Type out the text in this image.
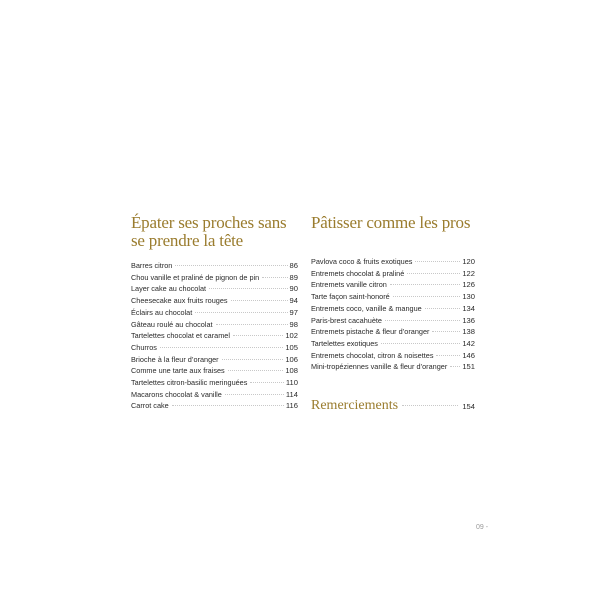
Épater ses proches sans
se prendre la tête
Barres citron	86
Chou vanille et praliné de pignon de pin	89
Layer cake au chocolat	90
Cheesecake aux fruits rouges	94
Éclairs au chocolat	97
Gâteau roulé au chocolat	98
Tartelettes chocolat et caramel	102
Churros	105
Brioche à la fleur d’oranger	106
Comme une tarte aux fraises	108
Tartelettes citron-basilic meringuées	110
Macarons chocolat & vanille	114
Carrot cake	116
Pâtisser comme les pros
Pavlova coco & fruits exotiques	120
Entremets chocolat & praliné	122
Entremets vanille citron	126
Tarte façon saint-honoré	130
Entremets coco, vanille & mangue	134
Paris-brest cacahuète	136
Entremets pistache & fleur d’oranger	138
Tartelettes exotiques	142
Entremets chocolat, citron & noisettes	146
Mini-tropéziennes vanille & fleur d’oranger 151
Remerciements	154
09 -
